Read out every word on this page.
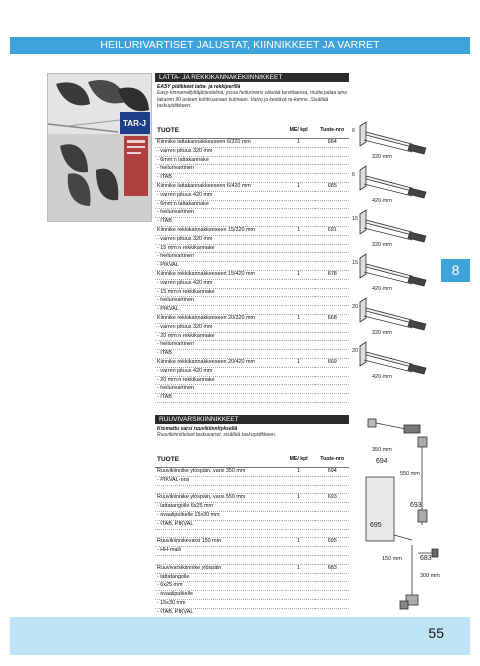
HEILURIVARTISET JALUSTAT, KIINNIKKEET JA VARRET
TAR-J
LATTA- JA REKKIKANNAKEKIINNIKKEET
EASY pidikkeet latta- ja rekkiperillä
Easy-hinnamallyttäjärjestelmä, jossa heilurivarsi väistää tarvittaessa, mutta palaa aina takaisin 90 asteen kohtisuoraan kulmaan. Valvo ja kestävä ra-kenne. Sisältää taskupidikkeen.
TUOTE	ME/ kpl	Tuote-nro
Kiinnike lattakannakkeeseen 6/320 mm	1	684
- varren pituus 320 mm		
- 6mm:n lattakannake		
- heilurivartinen		
- ITAB		
Kiinnike lattakannakkeeseen 6/420 mm	1	685
- varren pituus 420 mm		
- 6mm:n lattakannake		
- heilurivartinen		
- ITAB		
Kiinnike rekkikannakkeeseen 15/320 mm	1	691
- varren pituus 320 mm		
- 15 mm:n rekkikannake		
- heilurivartinen		
- PIKVAL		
Kiinnike rekkikannakkeeseen 15/420 mm	1	678
- varren pituus 420 mm		
- 15 mm:n rekkikannake		
- heilurivartinen		
- PIKVAL		
Kiinnike rekkikannakkeeseen 20/320 mm	1	668
- varren pituus 320 mm		
- 20 mm:n rekkikannake		
- heilurivartinen		
- ITAB		
Kiinnike rekkikannakkeeseen 20/420 mm	1	669
- varren pituus 420 mm		
- 20 mm:n rekkikannake		
- heilurivartinen		
- ITAB		
6
320 mm
6
420 mm
15
320 mm
15
420 mm
20
320 mm
20
420 mm
8
RUUVIVARSIKIINNIKKEET
Kromattu varsi ruuvikiinnityksellä
Ruuvikiinnitteiset taskuvarret, sisältää taskupidikkeen.
TUOTE	ME/ kpl	Tuote-nro
Ruuvikiinnike ylöspäin, varsi 350 mm	1	694
- PIKVAL-orsi		

Ruuvikiinnike ylöspäin, varsi 550 mm	1	693
- lattatangolle 6x25 mm		
- ovaaliputkelle 15x30 mm		
- ITAB, PIKVAL		

Ruuvikiinnikevarsi 150 mm	1	695
- HH-malli		

Ruuvivarsikiinnike ylöspäin	1	683
- lattatangolle		
- 6x25 mm		
- ovaaliputkelle		
- 15x30 mm		
- ITAB, PIKVAL		
350 mm
694
550 mm
693
695
150 mm	683
300 mm
55
